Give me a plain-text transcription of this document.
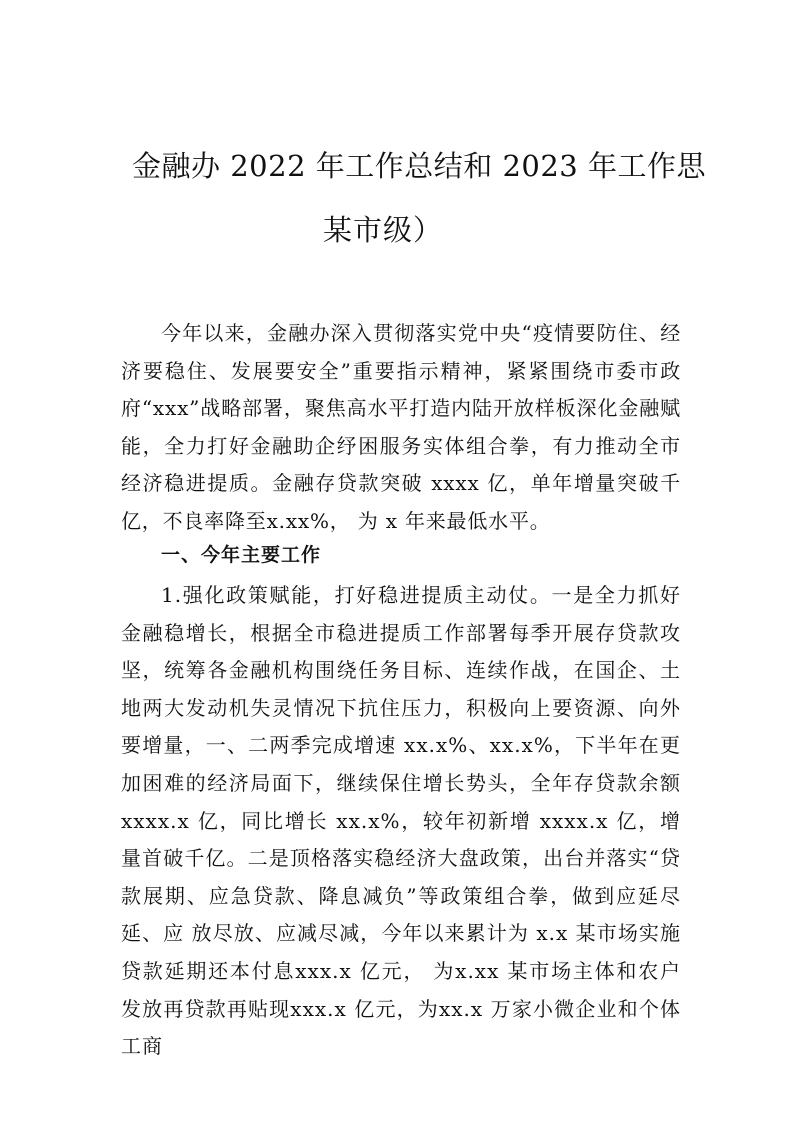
金融办 2022 年工作总结和 2023 年工作思
某市级）

今年以来，金融办深入贯彻落实党中央“疫情要防住、经济要稳住、发展要安全”重要指示精神，紧紧围绕市委市政府“xxx”战略部署，聚焦高水平打造内陆开放样板深化金融赋能，全力打好金融助企纾困服务实体组合拳，有力推动全市经济稳进提质。金融存贷款突破 xxxx 亿，单年增量突破千亿，不良率降至x.xx%， 为 x 年来最低水平。

一、今年主要工作

1.强化政策赋能，打好稳进提质主动仗。一是全力抓好金融稳增长，根据全市稳进提质工作部署每季开展存贷款攻坚，统筹各金融机构围绕任务目标、连续作战，在国企、土地两大发动机失灵情况下抗住压力，积极向上要资源、向外要增量，一、二两季完成增速 xx.x%、xx.x%，下半年在更加困难的经济局面下，继续保住增长势头，全年存贷款余额 xxxx.x 亿，同比增长 xx.x%，较年初新增 xxxx.x 亿，增量首破千亿。二是顶格落实稳经济大盘政策，出台并落实“贷款展期、应急贷款、降息减负”等政策组合拳，做到应延尽延、应 放尽放、应减尽减，今年以来累计为 x.x 某市场实施贷款延期还本付息xxx.x 亿元， 为x.xx 某市场主体和农户发放再贷款再贴现xxx.x 亿元，为xx.x 万家小微企业和个体工商
